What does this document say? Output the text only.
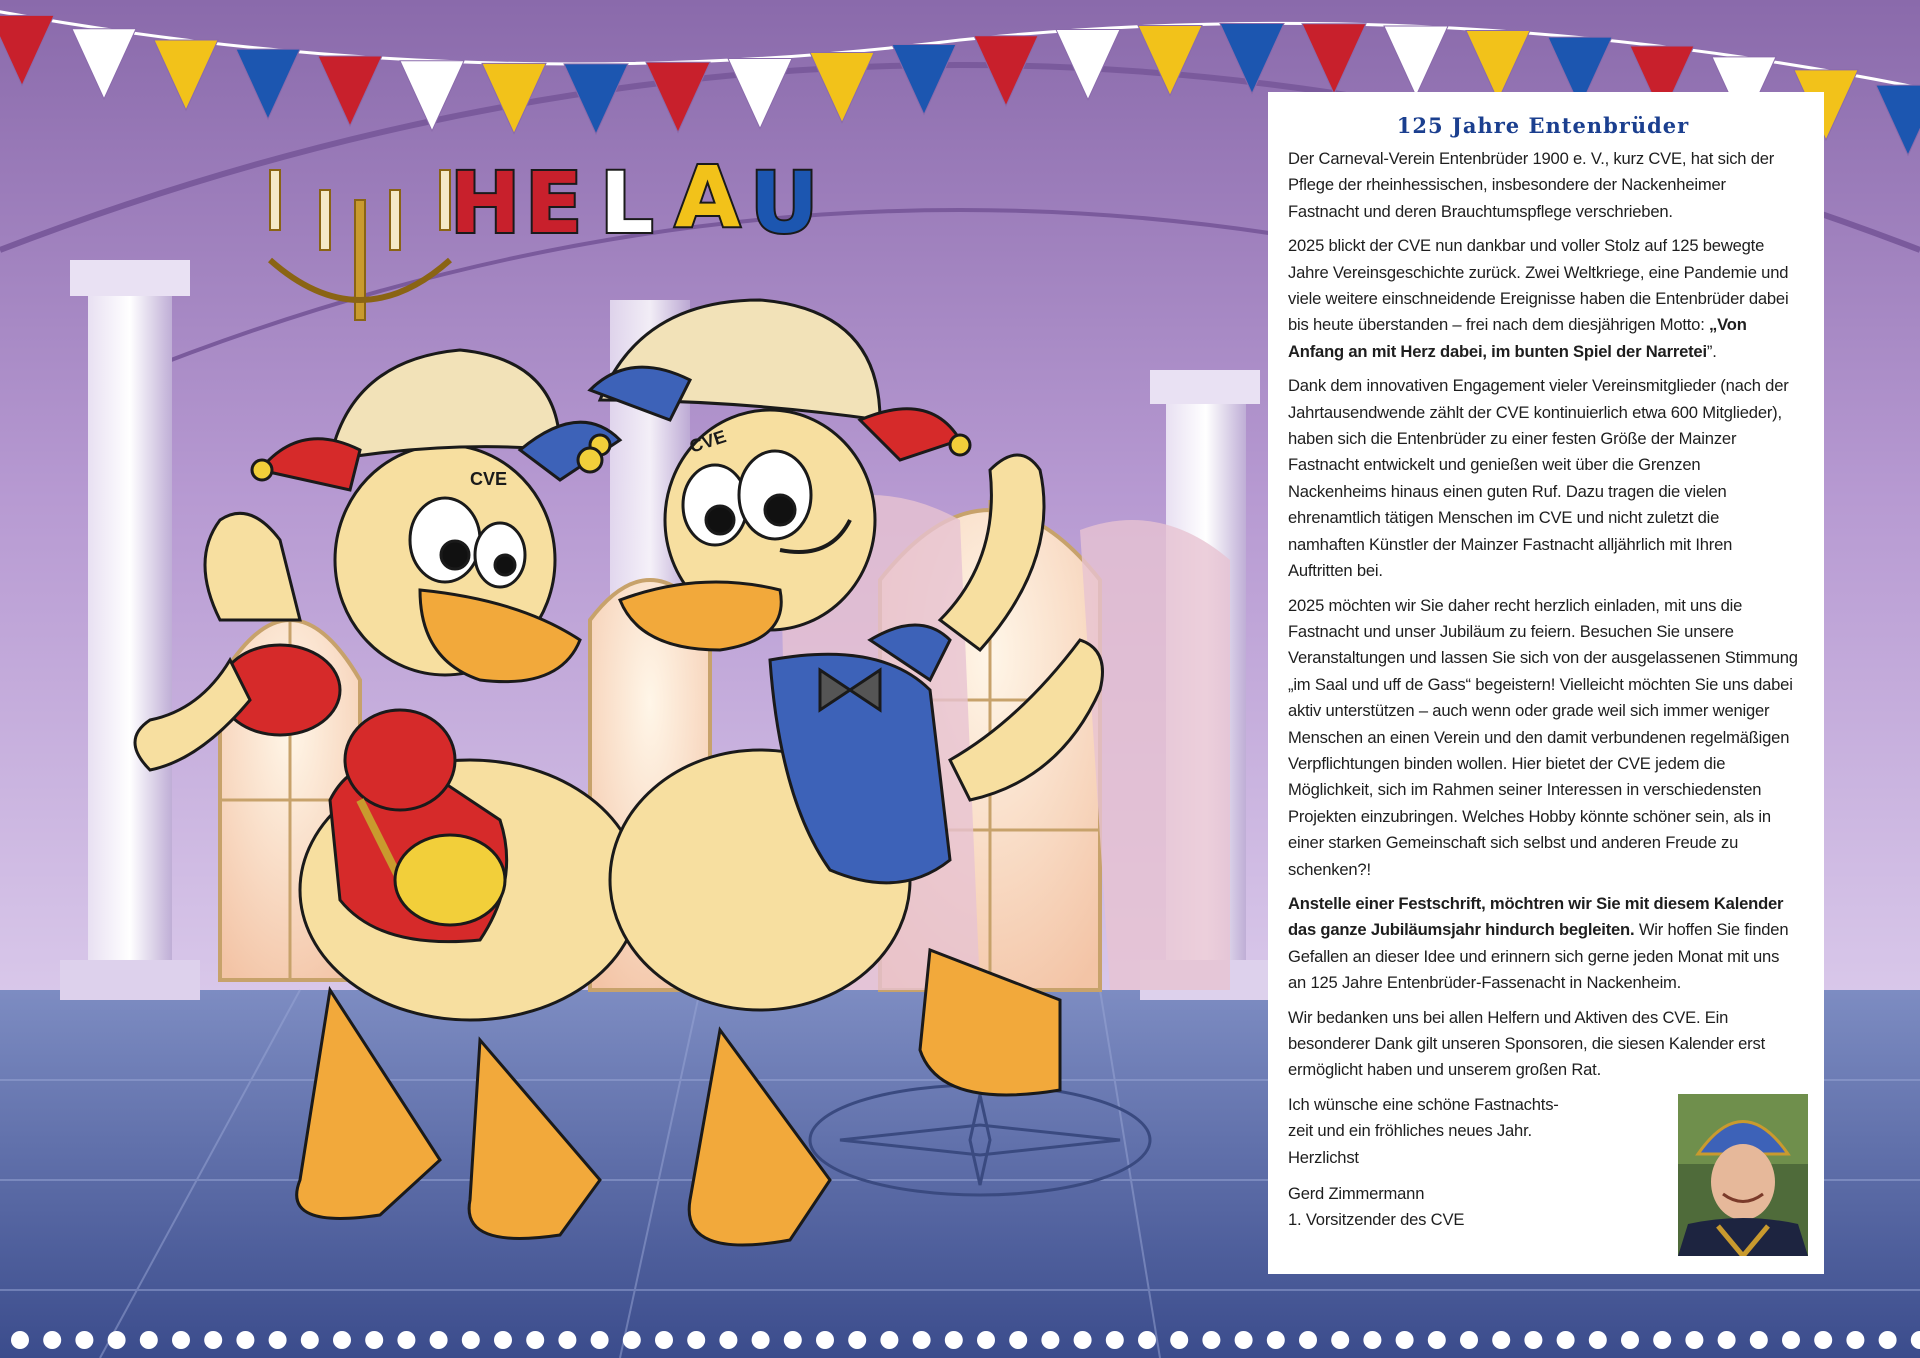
H E L A U
CVE
CVE
125 Jahre Entenbrüder

Der Carneval-Verein Entenbrüder 1900 e. V., kurz CVE, hat sich der Pflege der rheinhessischen, insbesondere der Nackenheimer Fastnacht und deren Brauchtumspflege verschrieben.

2025 blickt der CVE nun dankbar und voller Stolz auf 125 bewegte Jahre Vereinsgeschichte zurück. Zwei Weltkriege, eine Pandemie und viele weitere einschneidende Ereignisse haben die Entenbrüder dabei bis heute überstanden – frei nach dem diesjährigen Motto: „Von Anfang an mit Herz dabei, im bunten Spiel der Narretei”.

Dank dem innovativen Engagement vieler Vereinsmitglieder (nach der Jahrtausendwende zählt der CVE kontinuierlich etwa 600 Mitglieder), haben sich die Entenbrüder zu einer festen Größe der Mainzer Fastnacht entwickelt und genießen weit über die Grenzen Nackenheims hinaus einen guten Ruf. Dazu tragen die vielen ehrenamtlich tätigen Menschen im CVE und nicht zuletzt die namhaften Künstler der Mainzer Fastnacht alljährlich mit Ihren Auftritten bei.

2025 möchten wir Sie daher recht herzlich einladen, mit uns die Fastnacht und unser Jubiläum zu feiern. Besuchen Sie unsere Veranstaltungen und lassen Sie sich von der ausgelassenen Stimmung „im Saal und uff de Gass“ begeistern! Vielleicht möchten Sie uns dabei aktiv unterstützen – auch wenn oder grade weil sich immer weniger Menschen an einen Verein und den damit verbundenen regelmäßigen Verpflichtungen binden wollen. Hier bietet der CVE jedem die Möglichkeit, sich im Rahmen seiner Interessen in verschiedensten Projekten einzubringen. Welches Hobby könnte schöner sein, als in einer starken Gemeinschaft sich selbst und anderen Freude zu schenken?!

Anstelle einer Festschrift, möchtren wir Sie mit diesem Kalender das ganze Jubiläumsjahr hindurch begleiten. Wir hoffen Sie finden Gefallen an dieser Idee und erinnern sich gerne jeden Monat mit uns an 125 Jahre Entenbrüder-Fassenacht in Nackenheim.

Wir bedanken uns bei allen Helfern und Aktiven des CVE. Ein besonderer Dank gilt unseren Sponsoren, die siesen Kalender erst ermöglicht haben und unserem großen Rat.

Ich wünsche eine schöne Fastnachts-

zeit und ein fröhliches neues Jahr.

Herzlichst

Gerd Zimmermann

1. Vorsitzender des CVE
